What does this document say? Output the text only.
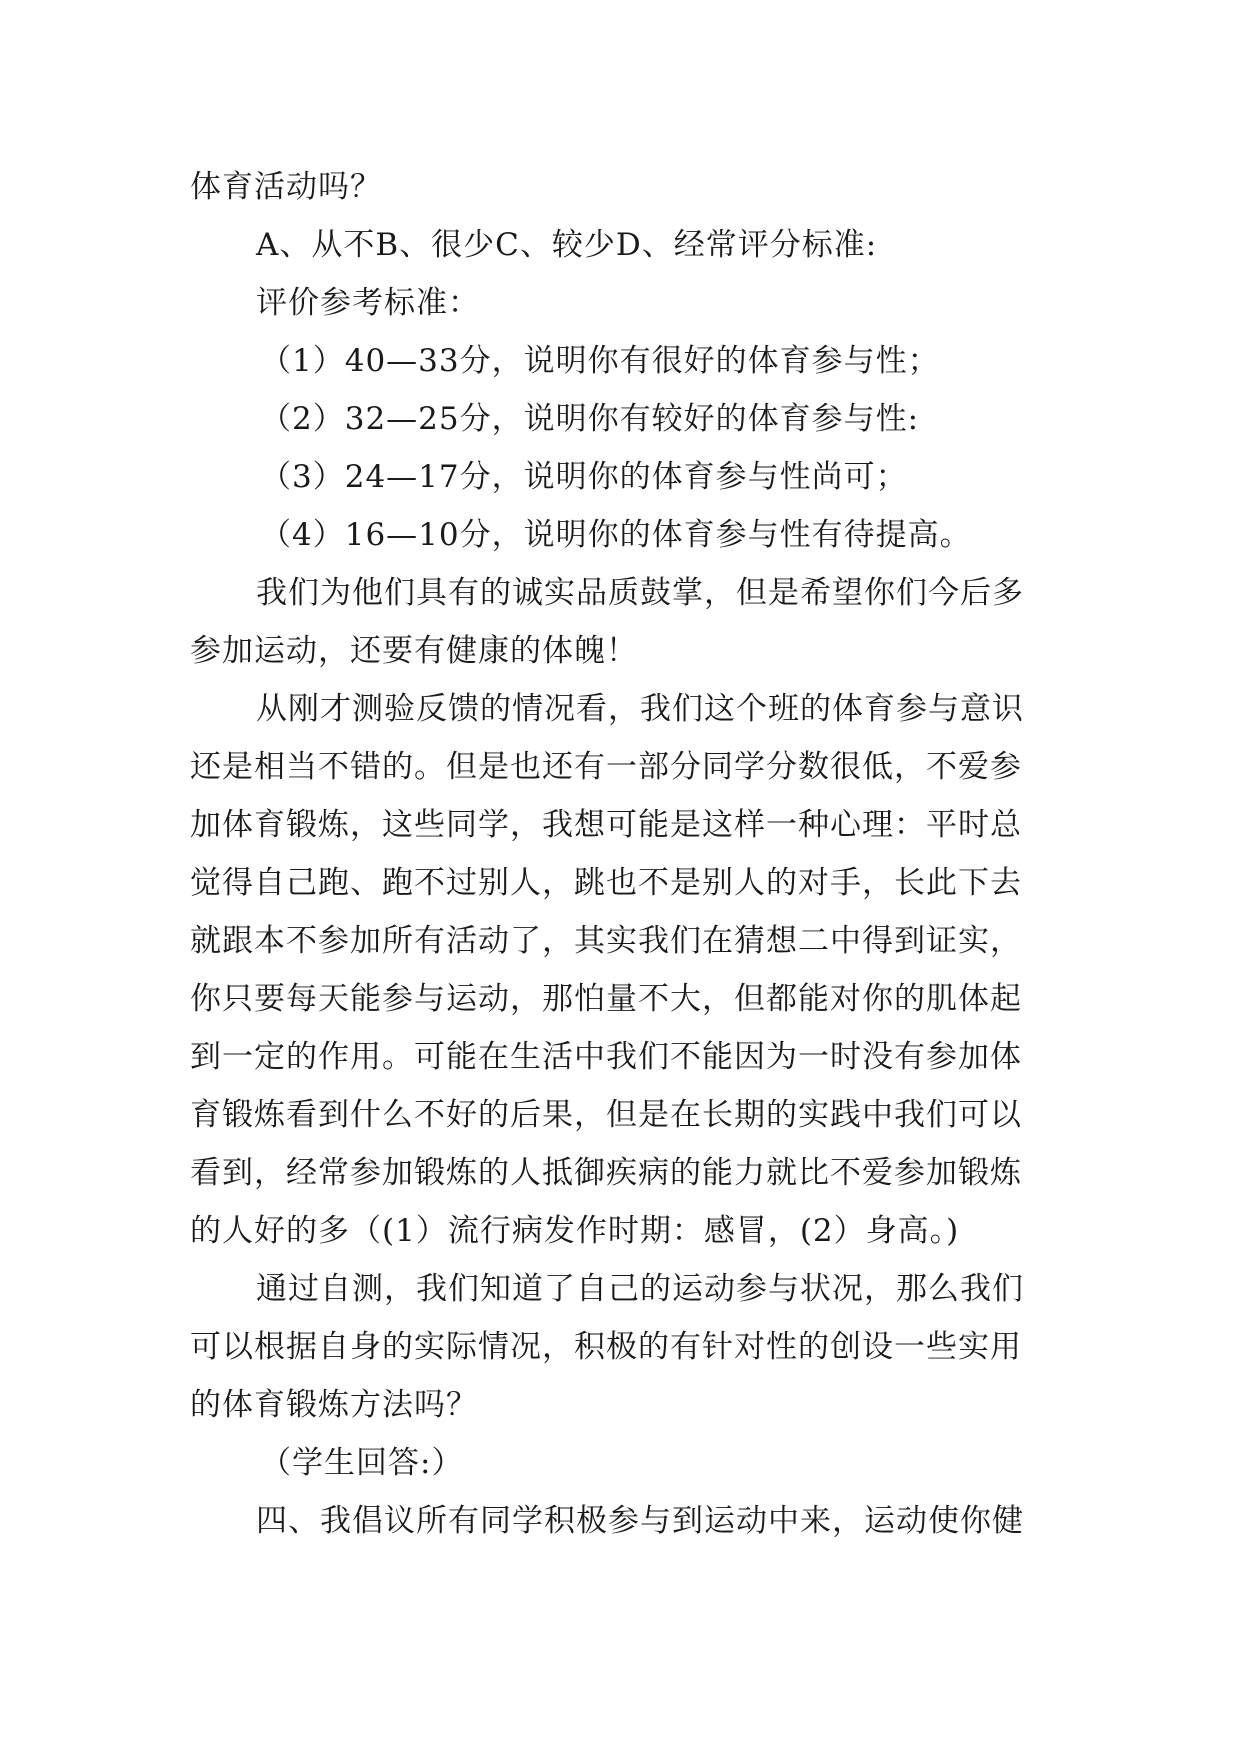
体育活动吗？
A、从不B、很少C、较少D、经常评分标准:
评价参考标准：
（1）40—33分，说明你有很好的体育参与性；
（2）32—25分，说明你有较好的体育参与性:
（3）24—17分，说明你的体育参与性尚可；
（4）16—10分，说明你的体育参与性有待提高。
我们为他们具有的诚实品质鼓掌，但是希望你们今后多
参加运动，还要有健康的体魄！
从刚才测验反馈的情况看，我们这个班的体育参与意识
还是相当不错的。但是也还有一部分同学分数很低，不爱参
加体育锻炼，这些同学，我想可能是这样一种心理：平时总
觉得自己跑、跑不过别人，跳也不是别人的对手，长此下去
就跟本不参加所有活动了，其实我们在猜想二中得到证实，
你只要每天能参与运动，那怕量不大，但都能对你的肌体起
到一定的作用。可能在生活中我们不能因为一时没有参加体
育锻炼看到什么不好的后果，但是在长期的实践中我们可以
看到，经常参加锻炼的人抵御疾病的能力就比不爱参加锻炼
的人好的多（(1）流行病发作时期：感冒，(2）身高。)
通过自测，我们知道了自己的运动参与状况，那么我们
可以根据自身的实际情况，积极的有针对性的创设一些实用
的体育锻炼方法吗？
（学生回答:）
四、我倡议所有同学积极参与到运动中来，运动使你健
